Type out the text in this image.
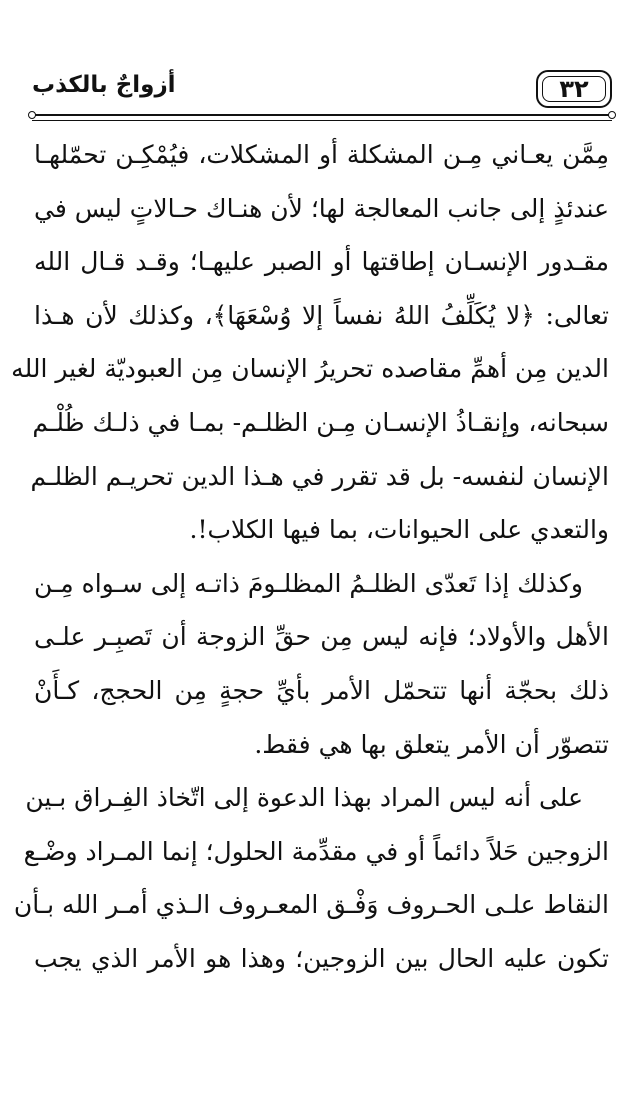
٣٢
أزواجٌ بالكذب
مِمَّن يعـاني مِـن المشكلة أو المشكلات، فيُمْكِـن تحمّلهـا
عندئذٍ إلى جانب المعالجة لها؛ لأن هنـاك حـالاتٍ ليس في
مقـدور الإنسـان إطاقتها أو الصبر عليهـا؛ وقـد قـال الله
تعالى: ﴿لا يُكَلِّفُ اللهُ نفساً إلا وُسْعَهَا﴾، وكذلك لأن هـذا
الدين مِن أهمِّ مقاصده تحريرُ الإنسان مِن العبوديّة لغير الله
سبحانه، وإنقـاذُ الإنسـان مِـن الظلـم- بمـا في ذلـك ظُلْـم
الإنسان لنفسه- بل قد تقرر في هـذا الدين تحريـم الظلـم
والتعدي على الحيوانات، بما فيها الكلاب!.
وكذلك إذا تَعدّى الظلـمُ المظلـومَ ذاتـه إلى سـواه مِـن
الأهل والأولاد؛ فإنه ليس مِن حقِّ الزوجة أن تَصبِـر علـى
ذلك بحجّة أنها تتحمّل الأمر بأيِّ حجةٍ مِن الحجج، كـأَنْ
تتصوّر أن الأمر يتعلق بها هي فقط.
على أنه ليس المراد بهذا الدعوة إلى اتّخاذ الفِـراق بـين
الزوجين حَلاً دائماً أو في مقدِّمة الحلول؛ إنما المـراد وضْـع
النقاط علـى الحـروف وَفْـق المعـروف الـذي أمـر الله بـأن
تكون عليه الحال بين الزوجين؛ وهذا هو الأمر الذي يجب
